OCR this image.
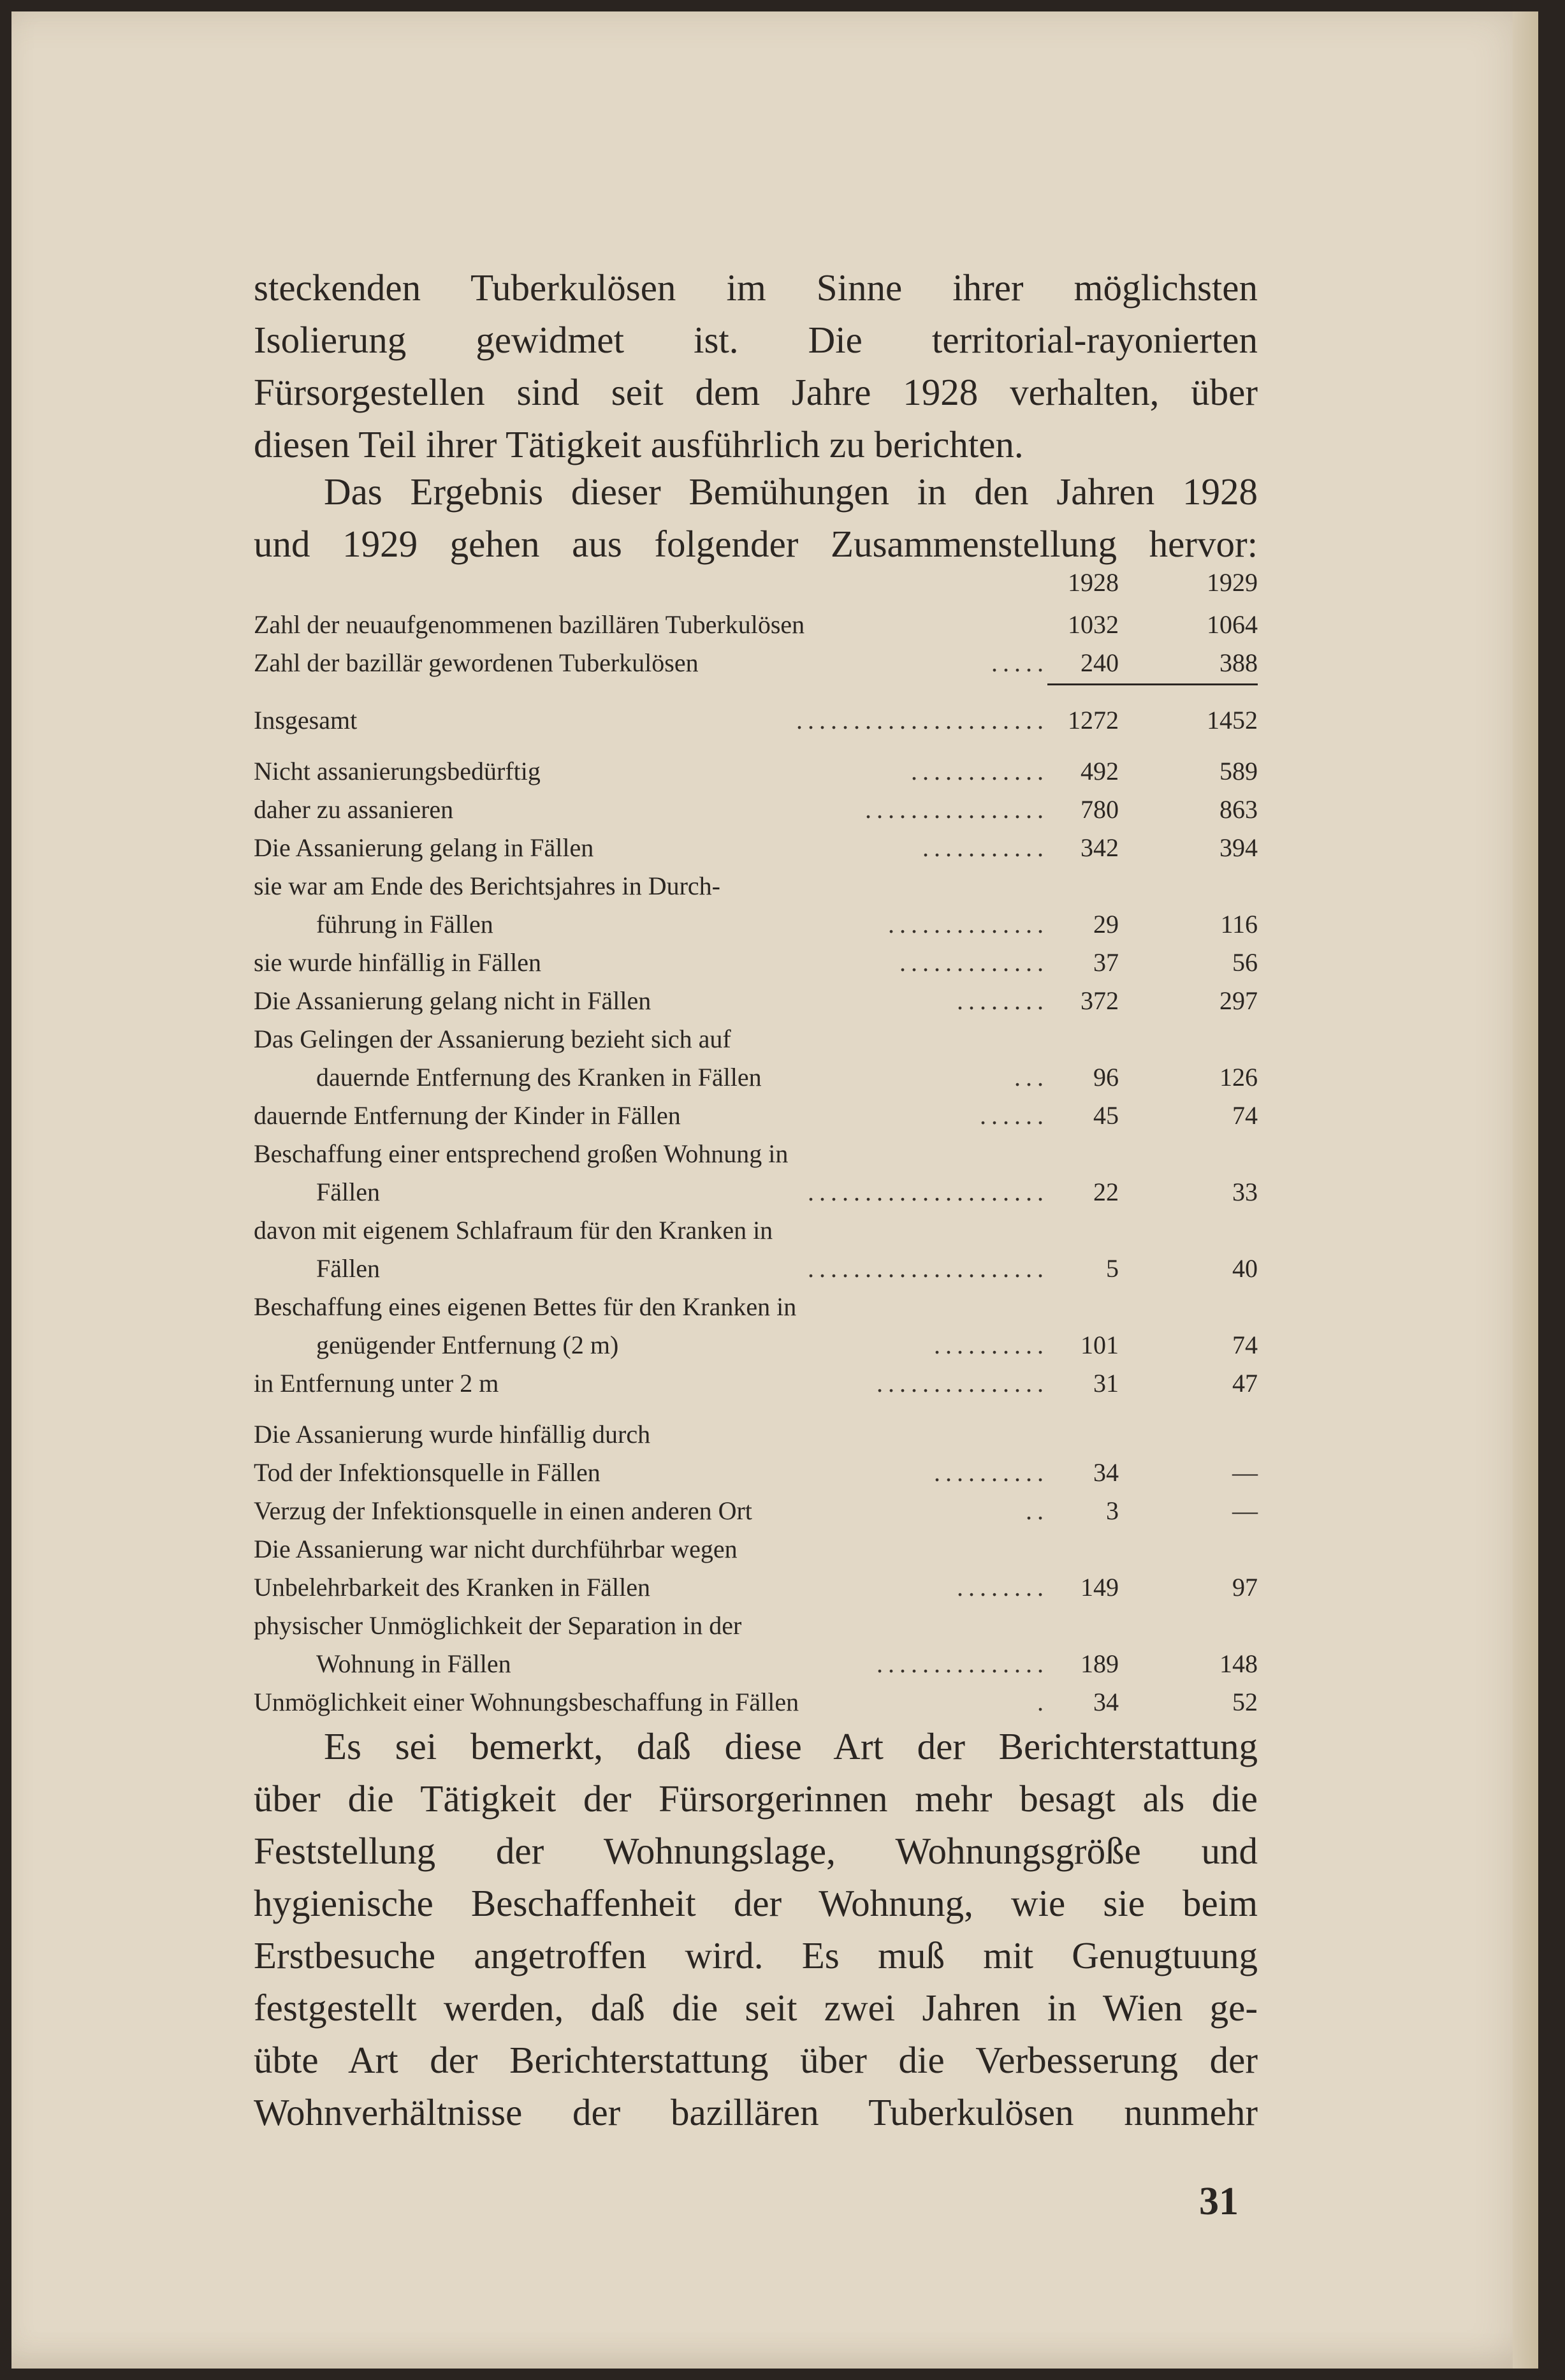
steckenden Tuberkulösen im Sinne ihrer möglichsten
Isolierung gewidmet ist. Die territorial-rayonierten
Fürsorgestellen sind seit dem Jahre 1928 verhalten, über
diesen Teil ihrer Tätigkeit ausführlich zu berichten.
Das Ergebnis dieser Bemühungen in den Jahren 1928
und 1929 gehen aus folgender Zusammenstellung hervor:
1928	1929
Zahl der neuaufgenommenen bazillären Tuberkulösen	1032	1064
Zahl der bazillär gewordenen Tuberkulösen	..... 240	388
Insgesamt	...................... 1272	1452
Nicht assanierungsbedürftig	............ 492	589
daher zu assanieren	................ 780	863
Die Assanierung gelang in Fällen	........... 342	394
sie war am Ende des Berichtsjahres in Durch-
führung in Fällen	.............. 29	116
sie wurde hinfällig in Fällen	............. 37	56
Die Assanierung gelang nicht in Fällen	........ 372	297
Das Gelingen der Assanierung bezieht sich auf
dauernde Entfernung des Kranken in Fällen	... 96	126
dauernde Entfernung der Kinder in Fällen	...... 45	74
Beschaffung einer entsprechend großen Wohnung in
Fällen	..................... 22	33
davon mit eigenem Schlafraum für den Kranken in
Fällen	..................... 5	40
Beschaffung eines eigenen Bettes für den Kranken in
genügender Entfernung (2 m)	.......... 101	74
in Entfernung unter 2 m	............... 31	47
Die Assanierung wurde hinfällig durch
Tod der Infektionsquelle in Fällen	.......... 34	—
Verzug der Infektionsquelle in einen anderen Ort	.. 3	—
Die Assanierung war nicht durchführbar wegen
Unbelehrbarkeit des Kranken in Fällen	........ 149	97
physischer Unmöglichkeit der Separation in der
Wohnung in Fällen	............... 189	148
Unmöglichkeit einer Wohnungsbeschaffung in Fällen	. 34	52
Es sei bemerkt, daß diese Art der Berichterstattung
über die Tätigkeit der Fürsorgerinnen mehr besagt als die
Feststellung der Wohnungslage, Wohnungsgröße und
hygienische Beschaffenheit der Wohnung, wie sie beim
Erstbesuche angetroffen wird. Es muß mit Genugtuung
festgestellt werden, daß die seit zwei Jahren in Wien ge-
übte Art der Berichterstattung über die Verbesserung der
Wohnverhältnisse der bazillären Tuberkulösen nunmehr
31
